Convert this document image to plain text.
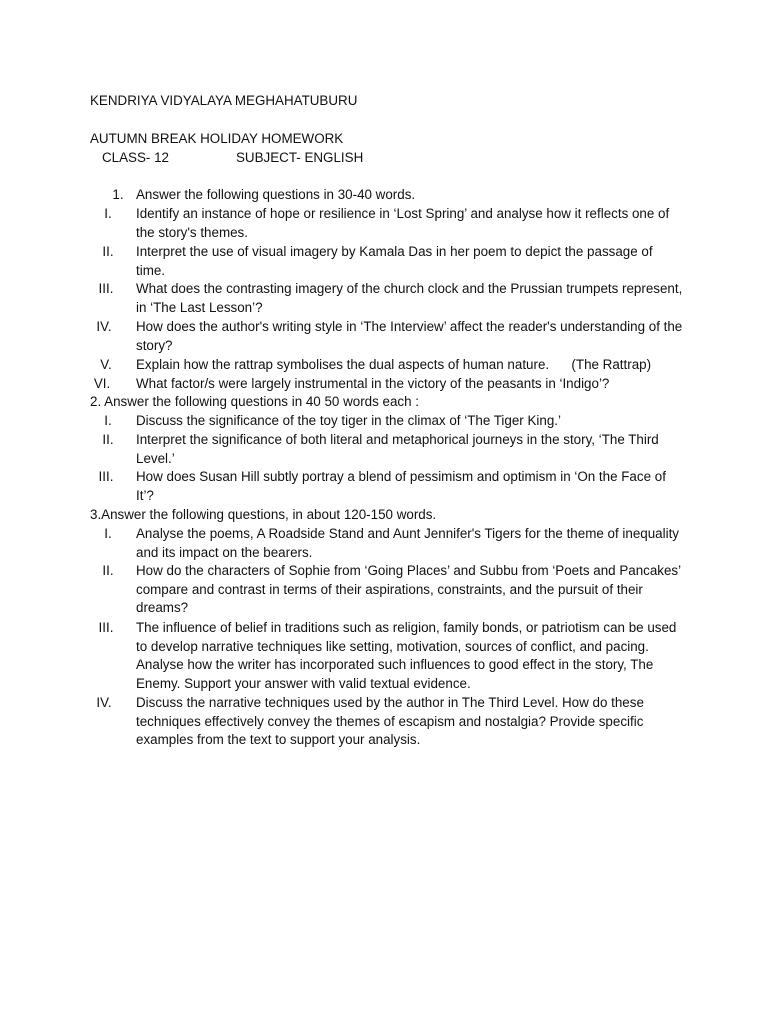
KENDRIYA VIDYALAYA MEGHAHATUBURU
AUTUMN BREAK HOLIDAY HOMEWORK
CLASS- 12	SUBJECT- ENGLISH
1. Answer the following questions in 30-40 words.
I.	Identify an instance of hope or resilience in ‘Lost Spring’ and analyse how it reflects one of the story's themes.
II.	Interpret the use of visual imagery by Kamala Das in her poem to depict the passage of time.
III.	What does the contrasting imagery of the church clock and the Prussian trumpets represent, in ‘The Last Lesson’?
IV.	How does the author's writing style in ‘The Interview’ affect the reader's understanding of the story?
V.	Explain how the rattrap symbolises the dual aspects of human nature.      (The Rattrap)
VI.	What factor/s were largely instrumental in the victory of the peasants in ‘Indigo’?
2. Answer the following questions in 40 50 words each :
I.	Discuss the significance of the toy tiger in the climax of ‘The Tiger King.’
II.	Interpret the significance of both literal and metaphorical journeys in the story, ‘The Third Level.’
III.	How does Susan Hill subtly portray a blend of pessimism and optimism in ‘On the Face of It’?
3.Answer the following questions, in about 120-150 words.
I.	Analyse the poems, A Roadside Stand and Aunt Jennifer's Tigers for the theme of inequality and its impact on the bearers.
II.	How do the characters of Sophie from ‘Going Places’ and Subbu from ‘Poets and Pancakes’ compare and contrast in terms of their aspirations, constraints, and the pursuit of their dreams?
III.	The influence of belief in traditions such as religion, family bonds, or patriotism can be used to develop narrative techniques like setting, motivation, sources of conflict, and pacing. Analyse how the writer has incorporated such influences to good effect in the story, The Enemy. Support your answer with valid textual evidence.
IV.	Discuss the narrative techniques used by the author in The Third Level. How do these techniques effectively convey the themes of escapism and nostalgia? Provide specific examples from the text to support your analysis.
